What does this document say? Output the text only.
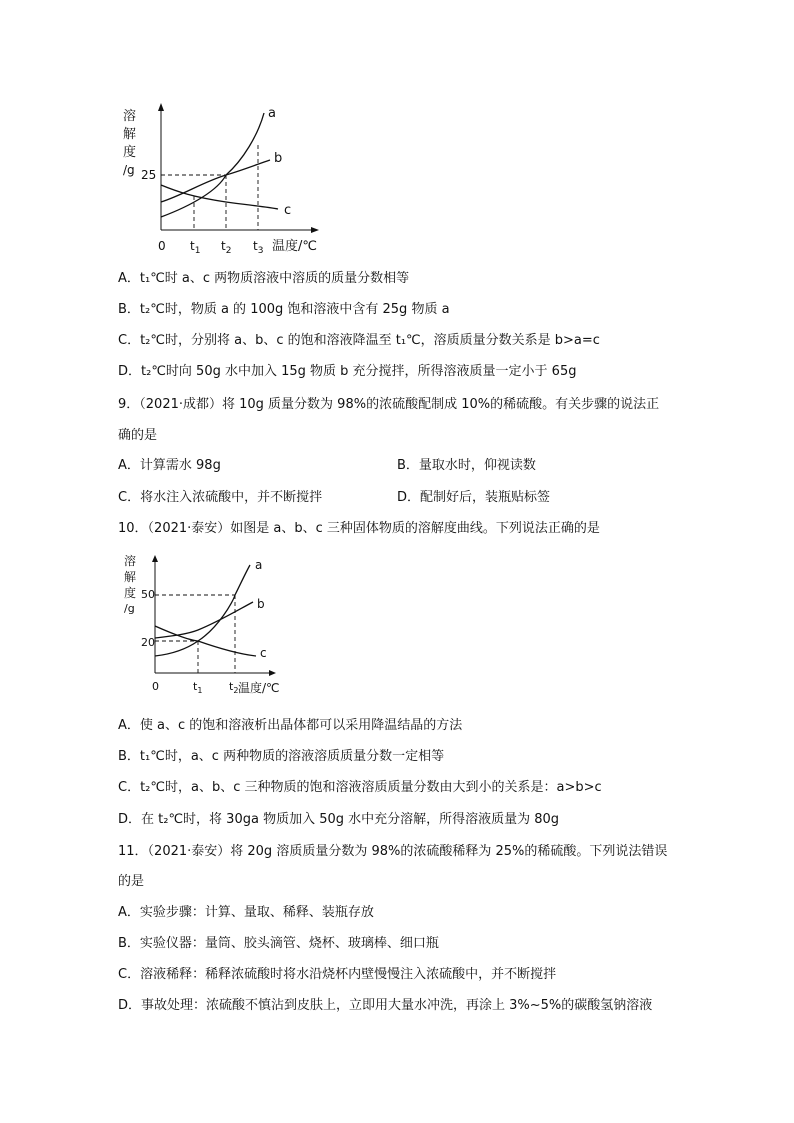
溶
解
度
/g 25
a
b
c
0 $t_1$ $t_2$ $t_3$ 温度/℃
A．t₁℃时 a、c 两物质溶液中溶质的质量分数相等
B．t₂℃时，物质 a 的 100g 饱和溶液中含有 25g 物质 a
C．t₂℃时，分别将 a、b、c 的饱和溶液降温至 t₁℃，溶质质量分数关系是 b>a=c
D．t₂℃时向 50g 水中加入 15g 物质 b 充分搅拌，所得溶液质量一定小于 65g
9．（2021·成都）将 10g 质量分数为 98%的浓硫酸配制成 10%的稀硫酸。有关步骤的说法正
确的是
A．计算需水 98g	B．量取水时，仰视读数
C．将水注入浓硫酸中，并不断搅拌	D．配制好后，装瓶贴标签
10．（2021·泰安）如图是 a、b、c 三种固体物质的溶解度曲线。下列说法正确的是
溶
解
度
/g
50
20
a
b
c
0	$t_1$ $t_2$ 温度/℃
A．使 a、c 的饱和溶液析出晶体都可以采用降温结晶的方法
B．t₁℃时，a、c 两种物质的溶液溶质质量分数一定相等
C．t₂℃时，a、b、c 三种物质的饱和溶液溶质质量分数由大到小的关系是：a>b>c
D．在 t₂℃时，将 30ga 物质加入 50g 水中充分溶解，所得溶液质量为 80g
11．（2021·泰安）将 20g 溶质质量分数为 98%的浓硫酸稀释为 25%的稀硫酸。下列说法错误
的是
A．实验步骤：计算、量取、稀释、装瓶存放
B．实验仪器：量筒、胶头滴管、烧杯、玻璃棒、细口瓶
C．溶液稀释：稀释浓硫酸时将水沿烧杯内壁慢慢注入浓硫酸中，并不断搅拌
D．事故处理：浓硫酸不慎沾到皮肤上，立即用大量水冲洗，再涂上 3%~5%的碳酸氢钠溶液
